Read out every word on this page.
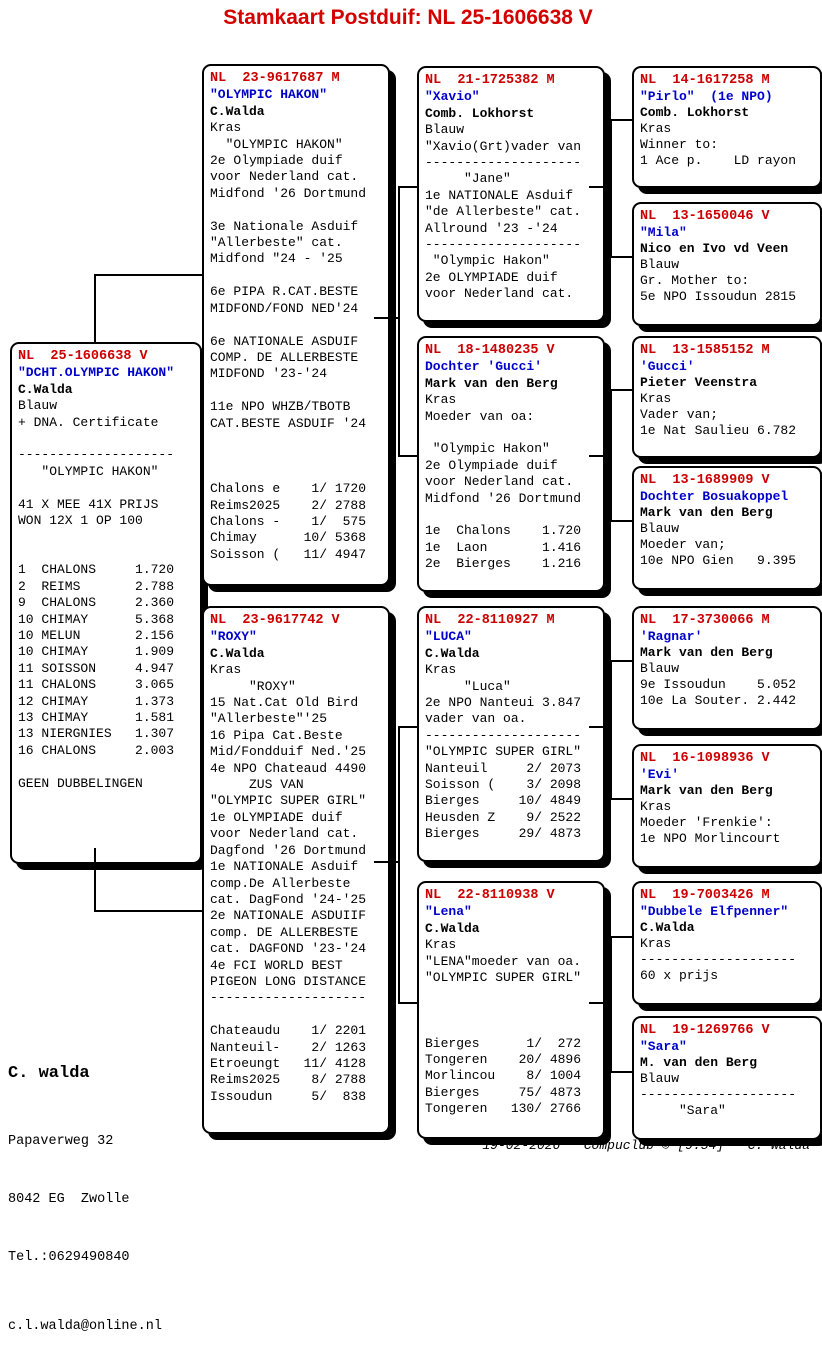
Stamkaart Postduif: NL 25-1606638 V
NL  25-1606638 V
"DCHT.OLYMPIC HAKON"
C.Walda
Blauw
+ DNA. Certificate

--------------------
"OLYMPIC HAKON"

41 X MEE 41X PRIJS
WON 12X 1 OP 100

1  CHALONS     1.720
2  REIMS       2.788
9  CHALONS     2.360
10 CHIMAY      5.368
10 MELUN       2.156
10 CHIMAY      1.909
11 SOISSON     4.947
11 CHALONS     3.065
12 CHIMAY      1.373
13 CHIMAY      1.581
13 NIERGNIES   1.307
16 CHALONS     2.003

GEEN DUBBELINGEN
NL  23-9617687 M
"OLYMPIC HAKON"
C.Walda
Kras
"OLYMPIC HAKON"
2e Olympiade duif
voor Nederland cat.
Midfond '26 Dortmund

3e Nationale Asduif
"Allerbeste" cat.
Midfond "24 - '25

6e PIPA R.CAT.BESTE
MIDFOND/FOND NED'24

6e NATIONALE ASDUIF
COMP. DE ALLERBESTE
MIDFOND '23-'24

11e NPO WHZB/TBOTB
CAT.BESTE ASDUIF '24

Chalons e    1/ 1720
Reims2025    2/ 2788
Chalons -    1/  575
Chimay      10/ 5368
Soisson (   11/ 4947
NL  23-9617742 V
"ROXY"
C.Walda
Kras
"ROXY"
15 Nat.Cat Old Bird
"Allerbeste"'25
16 Pipa Cat.Beste
Mid/Fondduif Ned.'25
4e NPO Chateaud 4490
ZUS VAN
"OLYMPIC SUPER GIRL"
1e OLYMPIADE duif
voor Nederland cat.
Dagfond '26 Dortmund
1e NATIONALE Asduif
comp.De Allerbeste
cat. DagFond '24-'25
2e NATIONALE ASDUIIF
comp. DE ALLERBESTE
cat. DAGFOND '23-'24
4e FCI WORLD BEST
PIGEON LONG DISTANCE
--------------------

Chateaudu    1/ 2201
Nanteuil-    2/ 1263
Etroeungt   11/ 4128
Reims2025    8/ 2788
Issoudun     5/  838
NL  21-1725382 M
"Xavio"
Comb. Lokhorst
Blauw
"Xavio(Grt)vader van
--------------------
"Jane"
1e NATIONALE Asduif
"de Allerbeste" cat.
Allround '23 -'24
--------------------
"Olympic Hakon"
2e OLYMPIADE duif
voor Nederland cat.
NL  18-1480235 V
Dochter 'Gucci'
Mark van den Berg
Kras
Moeder van oa:

"Olympic Hakon"
2e Olympiade duif
voor Nederland cat.
Midfond '26 Dortmund

1e  Chalons    1.720
1e  Laon       1.416
2e  Bierges    1.216
NL  22-8110927 M
"LUCA"
C.Walda
Kras
"Luca"
2e NPO Nanteui 3.847
vader van oa.
--------------------
"OLYMPIC SUPER GIRL"
Nanteuil     2/ 2073
Soisson (    3/ 2098
Bierges     10/ 4849
Heusden Z    9/ 2522
Bierges     29/ 4873
NL  22-8110938 V
"Lena"
C.Walda
Kras
"LENA"moeder van oa.
"OLYMPIC SUPER GIRL"

Bierges      1/  272
Tongeren    20/ 4896
Morlincou    8/ 1004
Bierges     75/ 4873
Tongeren   130/ 2766
NL  14-1617258 M
"Pirlo"  (1e NPO)
Comb. Lokhorst
Kras
Winner to:
1 Ace p.    LD rayon
NL  13-1650046 V
"Mila"
Nico en Ivo vd Veen
Blauw
Gr. Mother to:
5e NPO Issoudun 2815
NL  13-1585152 M
'Gucci'
Pieter Veenstra
Kras
Vader van;
1e Nat Saulieu 6.782
NL  13-1689909 V
Dochter Bosuakoppel
Mark van den Berg
Blauw
Moeder van;
10e NPO Gien   9.395
NL  17-3730066 M
'Ragnar'
Mark van den Berg
Blauw
9e Issoudun    5.052
10e La Souter. 2.442
NL  16-1098936 V
'Evi'
Mark van den Berg
Kras
Moeder 'Frenkie':
1e NPO Morlincourt
NL  19-7003426 M
"Dubbele Elfpenner"
C.Walda
Kras
--------------------
60 x prijs
NL  19-1269766 V
"Sara"
M. van den Berg
Blauw
--------------------
"Sara"

C. walda

Papaverweg 32

8042 EG  Zwolle

Tel.:0629490840

c.l.walda@online.nl

19-02-2026   Compuclub © [9.54]   C. walda
